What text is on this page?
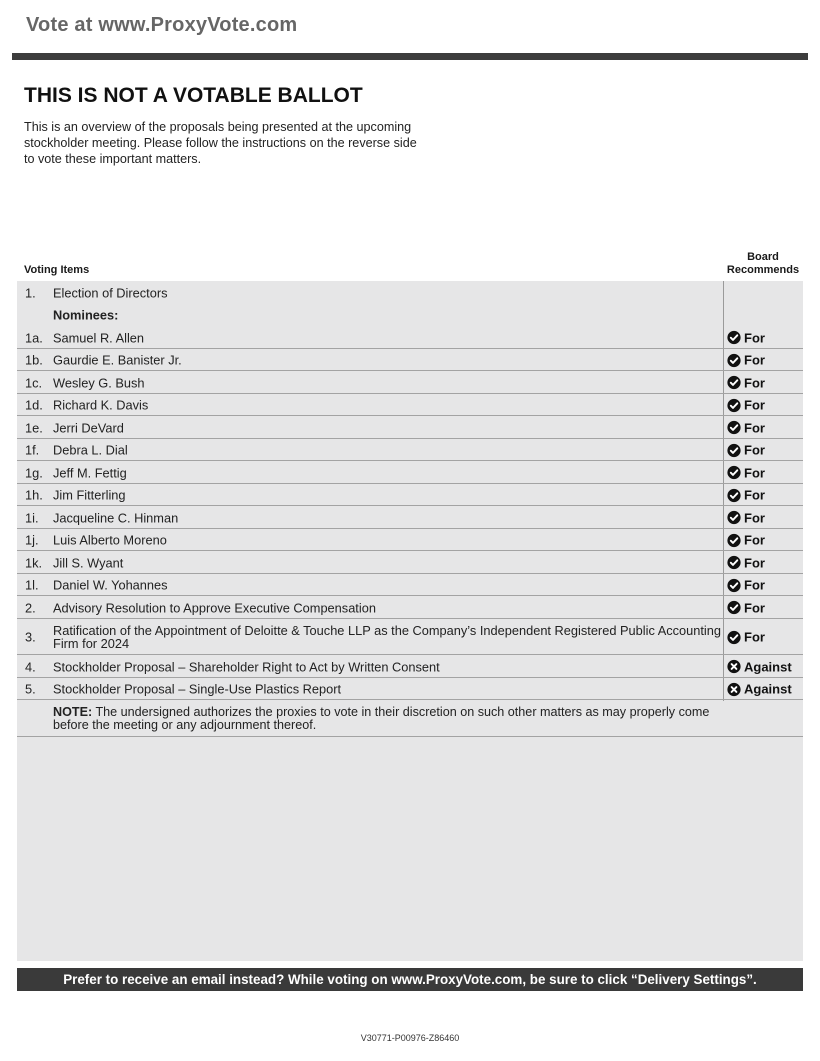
Vote at www.ProxyVote.com
THIS IS NOT A VOTABLE BALLOT

This is an overview of the proposals being presented at the upcoming stockholder meeting. Please follow the instructions on the reverse side to vote these important matters.

Voting Items
Board
Recommends
1. Election of Directors
Nominees:
1a. Samuel R. Allen	For
1b. Gaurdie E. Banister Jr.	For
1c. Wesley G. Bush	For
1d. Richard K. Davis	For
1e. Jerri DeVard	For
1f. Debra L. Dial	For
1g. Jeff M. Fettig	For
1h. Jim Fitterling	For
1i. Jacqueline C. Hinman	For
1j. Luis Alberto Moreno	For
1k. Jill S. Wyant	For
1l. Daniel W. Yohannes	For
2. Advisory Resolution to Approve Executive Compensation	For
3. Ratification of the Appointment of Deloitte & Touche LLP as the Company’s Independent Registered Public Accounting Firm for 2024	For
4. Stockholder Proposal – Shareholder Right to Act by Written Consent	Against
5. Stockholder Proposal – Single-Use Plastics Report	Against
NOTE: The undersigned authorizes the proxies to vote in their discretion on such other matters as may properly come before the meeting or any adjournment thereof.
Prefer to receive an email instead? While voting on www.ProxyVote.com, be sure to click “Delivery Settings”.
V30771-P00976-Z86460
